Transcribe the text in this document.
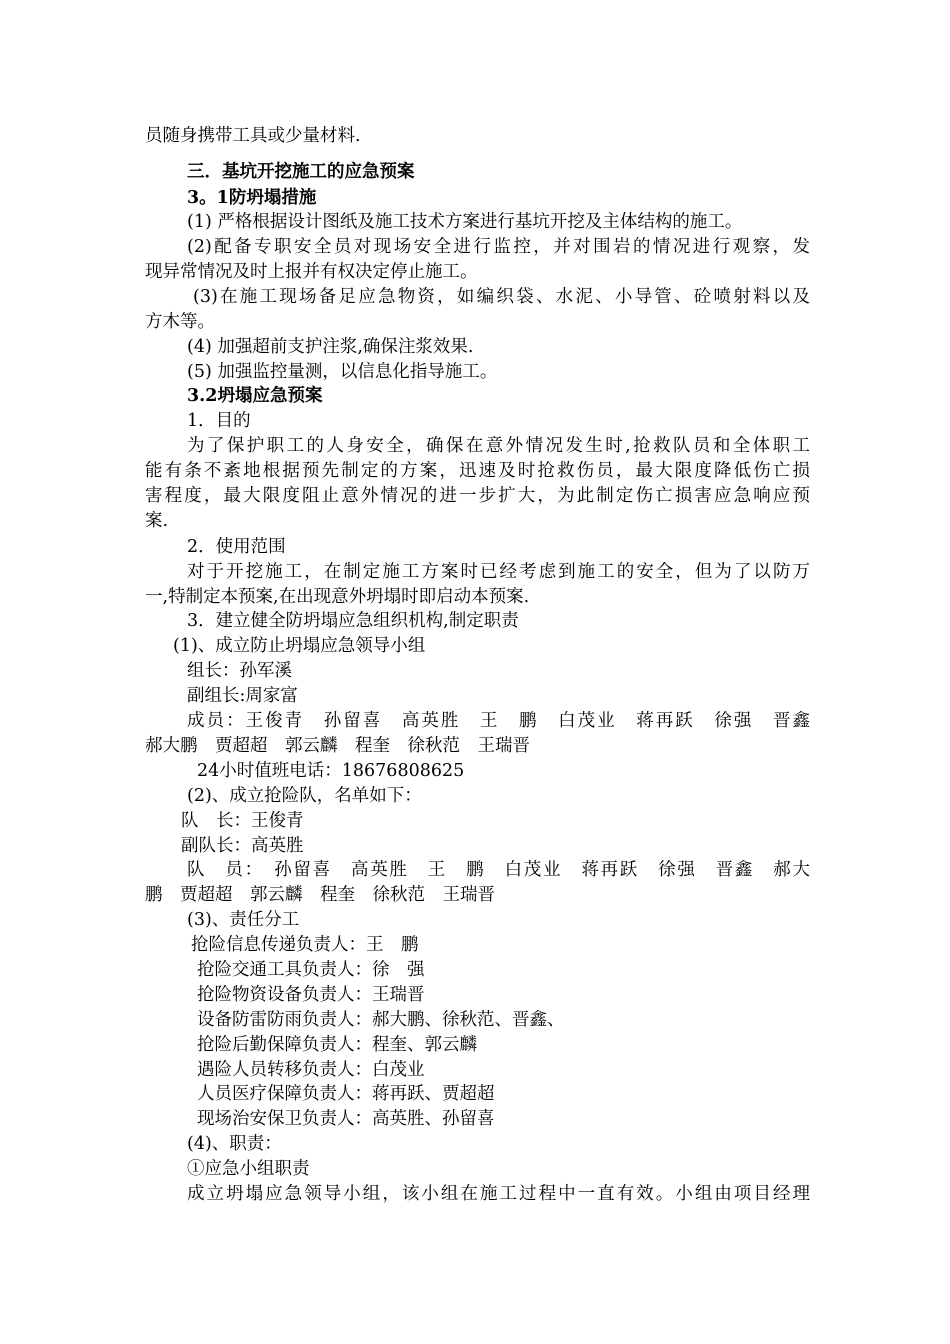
员随身携带工具或少量材料.
三．基坑开挖施工的应急预案
3。1防坍塌措施
(1) 严格根据设计图纸及施工技术方案进行基坑开挖及主体结构的施工。
(2)配备专职安全员对现场安全进行监控，并对围岩的情况进行观察，发
现异常情况及时上报并有权决定停止施工。
(3)在施工现场备足应急物资，如编织袋、水泥、小导管、砼喷射料以及
方木等。
(4) 加强超前支护注浆,确保注浆效果.
(5) 加强监控量测，以信息化指导施工。
3.2坍塌应急预案
1．目的
为了保护职工的人身安全，确保在意外情况发生时,抢救队员和全体职工
能有条不紊地根据预先制定的方案，迅速及时抢救伤员，最大限度降低伤亡损
害程度，最大限度阻止意外情况的进一步扩大，为此制定伤亡损害应急响应预
案.
2．使用范围
对于开挖施工，在制定施工方案时已经考虑到施工的安全，但为了以防万
一,特制定本预案,在出现意外坍塌时即启动本预案.
3．建立健全防坍塌应急组织机构,制定职责
(1)、成立防止坍塌应急领导小组
组长：孙军溪
副组长:周家富
成员：王俊青　孙留喜　高英胜　王　鹏　白茂业　蒋再跃　徐强　晋鑫
郝大鹏　贾超超　郭云麟　程奎　徐秋范　王瑞晋
24小时值班电话：18676808625
(2)、成立抢险队，名单如下：
队　长：王俊青
副队长：高英胜
队　员：　孙留喜　高英胜　王　鹏　白茂业　蒋再跃　徐强　晋鑫　郝大
鹏　贾超超　郭云麟　程奎　徐秋范　王瑞晋
(3)、责任分工
抢险信息传递负责人：王　鹏
抢险交通工具负责人：徐　强
抢险物资设备负责人：王瑞晋
设备防雷防雨负责人：郝大鹏、徐秋范、晋鑫、
抢险后勤保障负责人：程奎、郭云麟
遇险人员转移负责人：白茂业
人员医疗保障负责人：蒋再跃、贾超超
现场治安保卫负责人：高英胜、孙留喜
(4)、职责：
①应急小组职责
成立坍塌应急领导小组，该小组在施工过程中一直有效。小组由项目经理
